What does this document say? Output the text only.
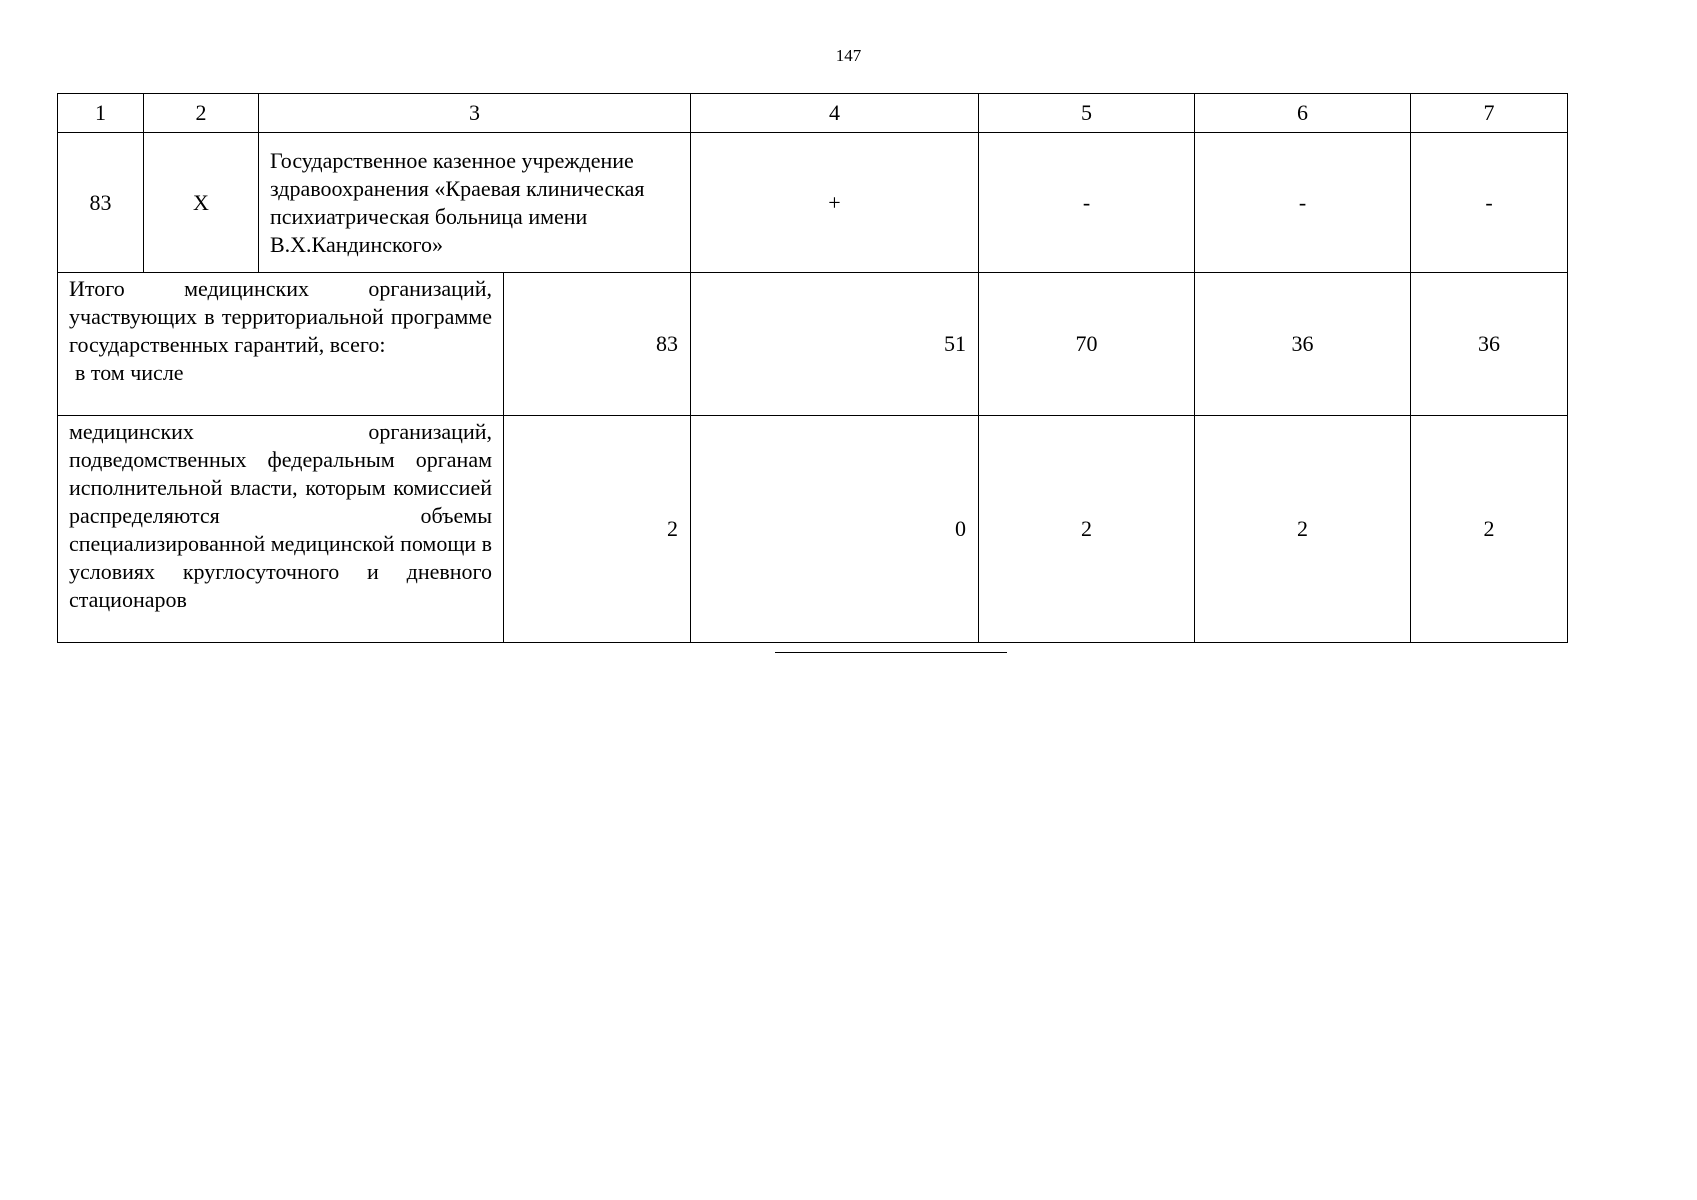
147
1	2	3		4	5	6	7
83	Х	Государственное казенное учреждение здравоохранения «Краевая клиническая психиатрическая больница имени В.Х.Кандинского»		+	-	-	-
Итого медицинских организаций, участвующих в территориальной программе государственных гарантий, всего:
в том числе			83	51	70	36	36
медицинских организаций, подведомственных федеральным органам исполнительной власти, которым комиссией распределяются объемы специализированной медицинской помощи в условиях круглосуточного и дневного стационаров			2	0	2	2	2
